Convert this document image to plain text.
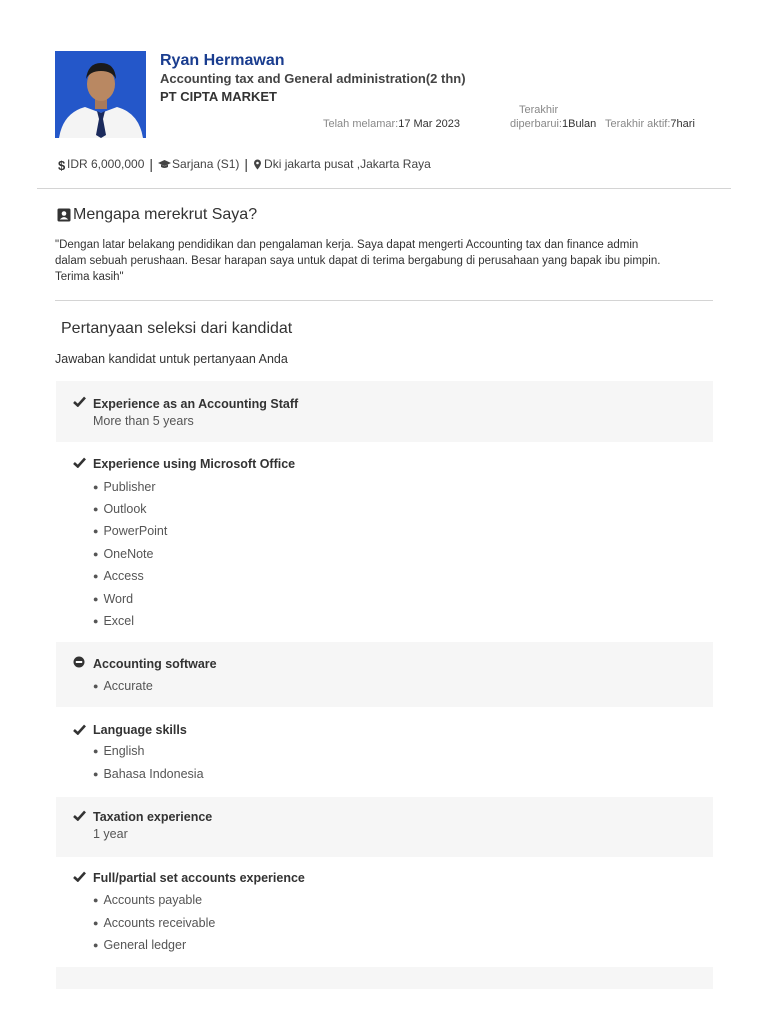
Ryan Hermawan
Accounting tax and General administration(2 thn)
PT CIPTA MARKET
Telah melamar:17 Mar 2023
Terakhir
diperbarui:1Bulan Terakhir aktif:7hari
$ IDR 6,000,000 | Sarjana (S1) | Dki jakarta pusat ,Jakarta Raya
Mengapa merekrut Saya?
"Dengan latar belakang pendidikan dan pengalaman kerja. Saya dapat mengerti Accounting tax dan finance admin dalam sebuah perushaan. Besar harapan saya untuk dapat di terima bergabung di perusahaan yang bapak ibu pimpin. Terima kasih"
Pertanyaan seleksi dari kandidat
Jawaban kandidat untuk pertanyaan Anda
Experience as an Accounting Staff
More than 5 years
Experience using Microsoft Office
● Publisher
● Outlook
● PowerPoint
● OneNote
● Access
● Word
● Excel
Accounting software
● Accurate
Language skills
● English
● Bahasa Indonesia
Taxation experience
1 year
Full/partial set accounts experience
● Accounts payable
● Accounts receivable
● General ledger
